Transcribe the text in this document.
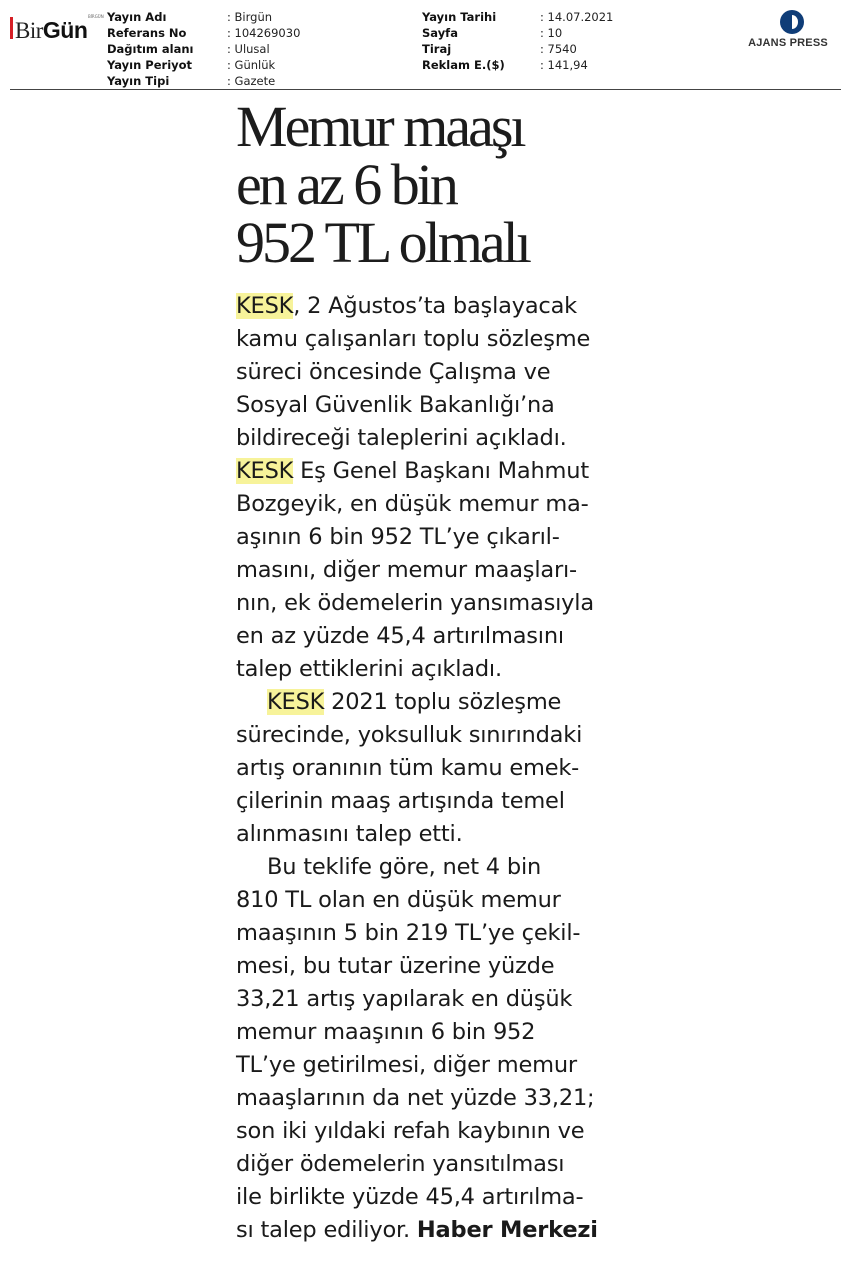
Bir Gün
BİRGÜN Yayın Adı	: Birgün
Referans No	: 104269030
Dağıtım alanı	: Ulusal
Yayın Periyot	: Günlük
Yayın Tipi	: Gazete
Yayın Tarihi	: 14.07.2021
Sayfa	: 10
Tiraj	: 7540
Reklam E.($)	: 141,94
AJANS PRESS
Memur maaşı
en az 6 bin
952 TL olmalı
KESK, 2 Ağustos’ta başlayacak
kamu çalışanları toplu sözleşme
süreci öncesinde Çalışma ve
Sosyal Güvenlik Bakanlığı’na
bildireceği taleplerini açıkladı.
KESK Eş Genel Başkanı Mahmut
Bozgeyik, en düşük memur ma-
aşının 6 bin 952 TL’ye çıkarıl-
masını, diğer memur maaşları-
nın, ek ödemelerin yansımasıyla
en az yüzde 45,4 artırılmasını
talep ettiklerini açıkladı.
KESK 2021 toplu sözleşme
sürecinde, yoksulluk sınırındaki
artış oranının tüm kamu emek-
çilerinin maaş artışında temel
alınmasını talep etti.
Bu teklife göre, net 4 bin
810 TL olan en düşük memur
maaşının 5 bin 219 TL’ye çekil-
mesi, bu tutar üzerine yüzde
33,21 artış yapılarak en düşük
memur maaşının 6 bin 952
TL’ye getirilmesi, diğer memur
maaşlarının da net yüzde 33,21;
son iki yıldaki refah kaybının ve
diğer ödemelerin yansıtılması
ile birlikte yüzde 45,4 artırılma-
sı talep ediliyor. Haber Merkezi
